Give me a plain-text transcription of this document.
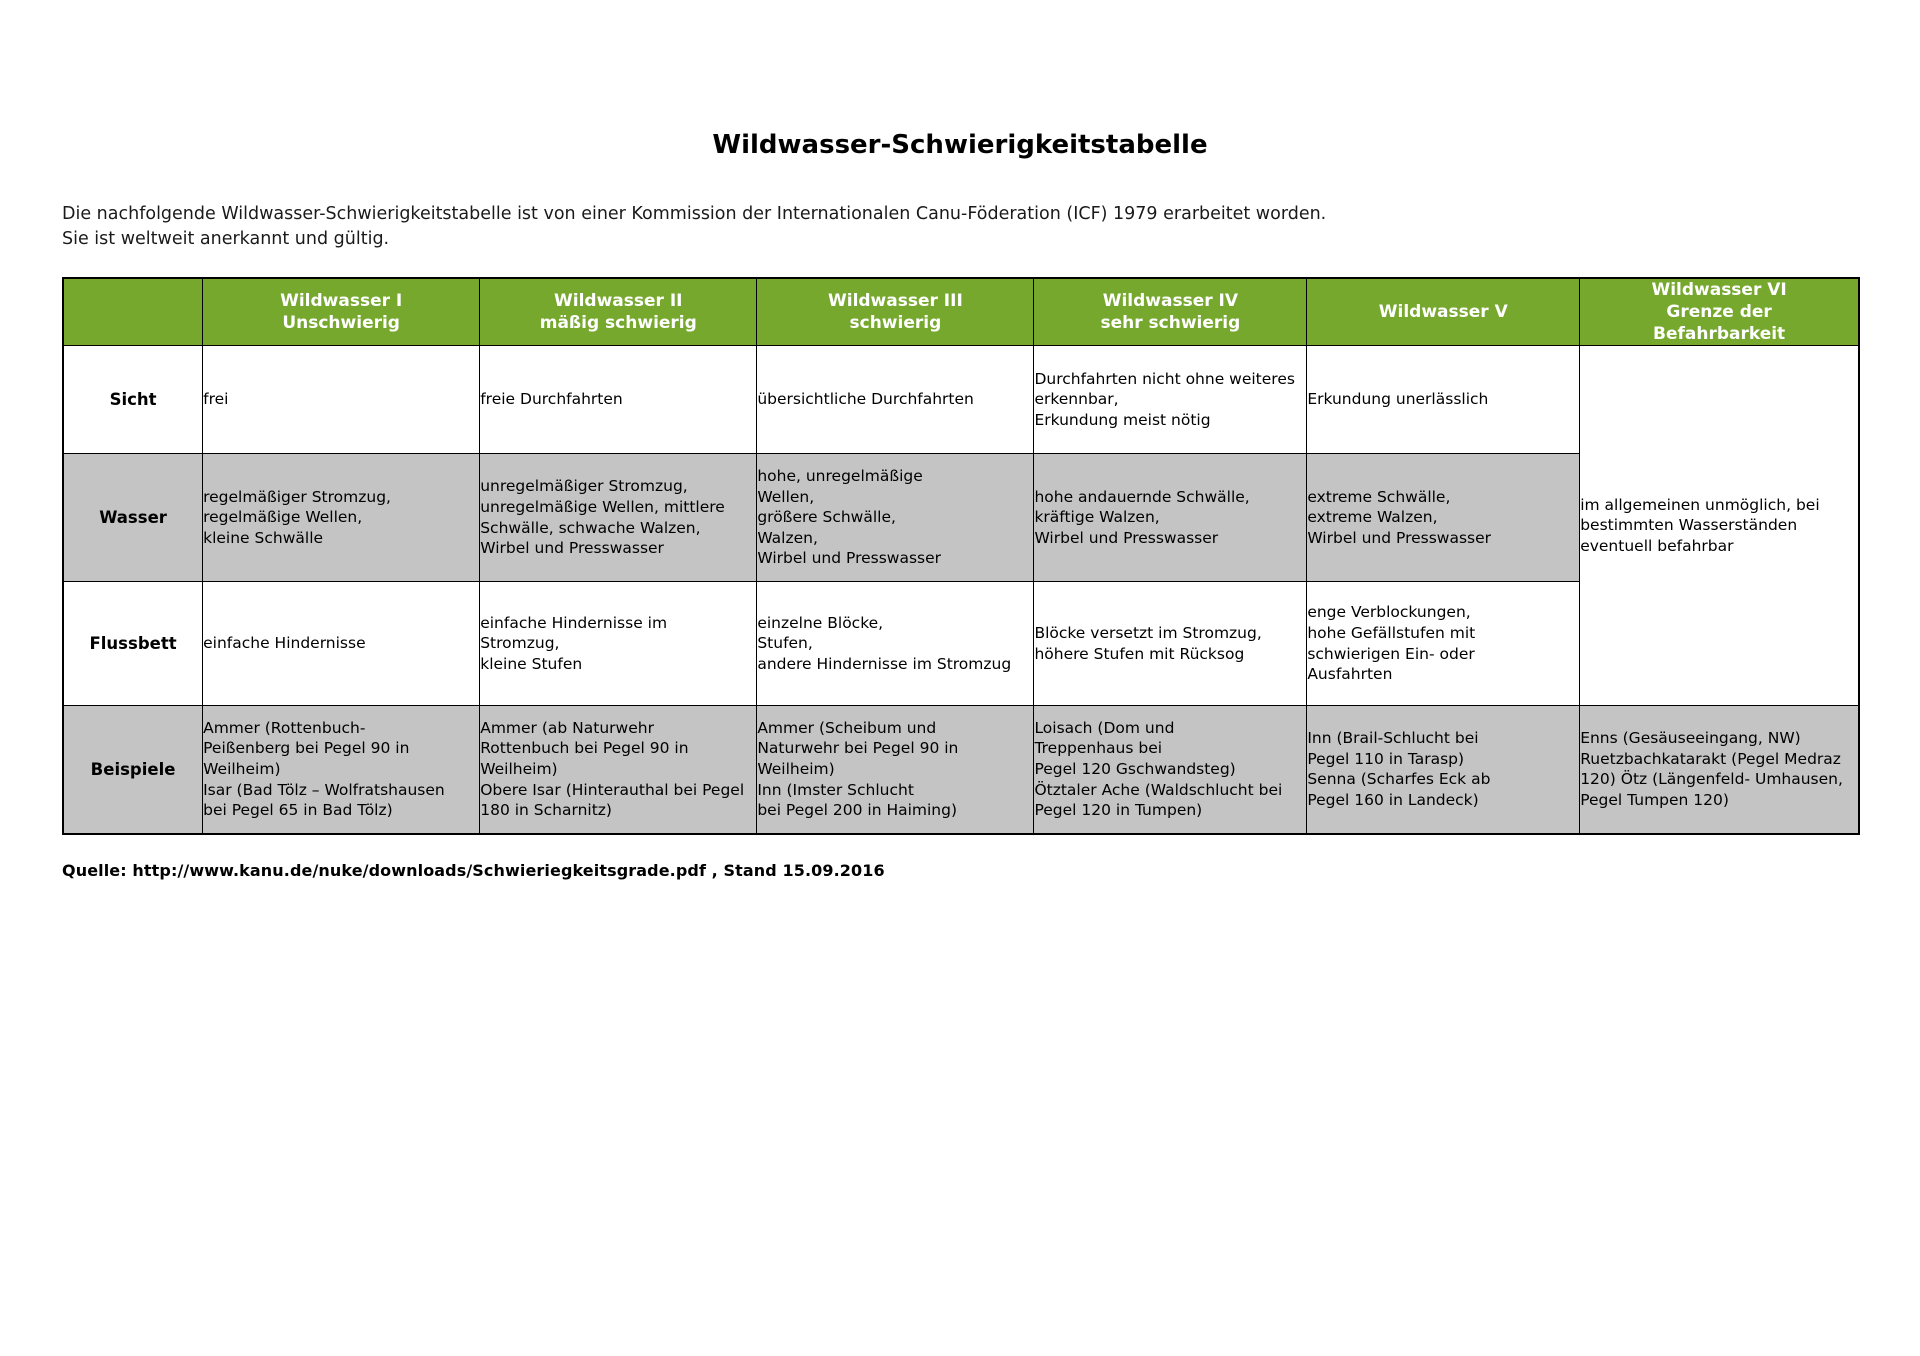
Wildwasser-Schwierigkeitstabelle
Die nachfolgende Wildwasser-Schwierigkeitstabelle ist von einer Kommission der Internationalen Canu-Föderation (ICF) 1979 erarbeitet worden.
Sie ist weltweit anerkannt und gültig.
	Wildwasser I
Unschwierig	Wildwasser II
mäßig schwierig	Wildwasser III
schwierig	Wildwasser IV
sehr schwierig	Wildwasser V	Wildwasser VI
Grenze der
Befahrbarkeit
Sicht	frei	freie Durchfahrten	übersichtliche Durchfahrten	Durchfahrten nicht ohne weiteres
erkennbar,
Erkundung meist nötig	Erkundung unerlässlich	im allgemeinen unmöglich, bei bestimmten Wasserständen eventuell befahrbar
Wasser	regelmäßiger Stromzug,
regelmäßige Wellen,
kleine Schwälle	unregelmäßiger Stromzug,
unregelmäßige Wellen, mittlere
Schwälle, schwache Walzen,
Wirbel und Presswasser	hohe, unregelmäßige
Wellen,
größere Schwälle,
Walzen,
Wirbel und Presswasser	hohe andauernde Schwälle,
kräftige Walzen,
Wirbel und Presswasser	extreme Schwälle,
extreme Walzen,
Wirbel und Presswasser	

Flussbett	einfache Hindernisse	einfache Hindernisse im
Stromzug,
kleine Stufen	einzelne Blöcke,
Stufen,
andere Hindernisse im Stromzug	Blöcke versetzt im Stromzug,
höhere Stufen mit Rücksog	enge Verblockungen,
hohe Gefällstufen mit
schwierigen Ein- oder
Ausfahrten	

Beispiele	Ammer (Rottenbuch-
Peißenberg bei Pegel 90 in
Weilheim)
Isar (Bad Tölz – Wolfratshausen
bei Pegel 65 in Bad Tölz)	Ammer (ab Naturwehr
Rottenbuch bei Pegel 90 in
Weilheim)
Obere Isar (Hinterauthal bei Pegel
180 in Scharnitz)	Ammer (Scheibum und
Naturwehr bei Pegel 90 in
Weilheim)
Inn (Imster Schlucht
bei Pegel 200 in Haiming)	Loisach (Dom und
Treppenhaus bei
Pegel 120 Gschwandsteg)
Ötztaler Ache (Waldschlucht bei
Pegel 120 in Tumpen)	Inn (Brail-Schlucht bei
Pegel 110 in Tarasp)
Senna (Scharfes Eck ab
Pegel 160 in Landeck)	Enns (Gesäuseeingang, NW) Ruetzbachkatarakt (Pegel Medraz 120) Ötz (Längenfeld- Umhausen, Pegel Tumpen 120)
Quelle: http://www.kanu.de/nuke/downloads/Schwieriegkeitsgrade.pdf , Stand 15.09.2016
